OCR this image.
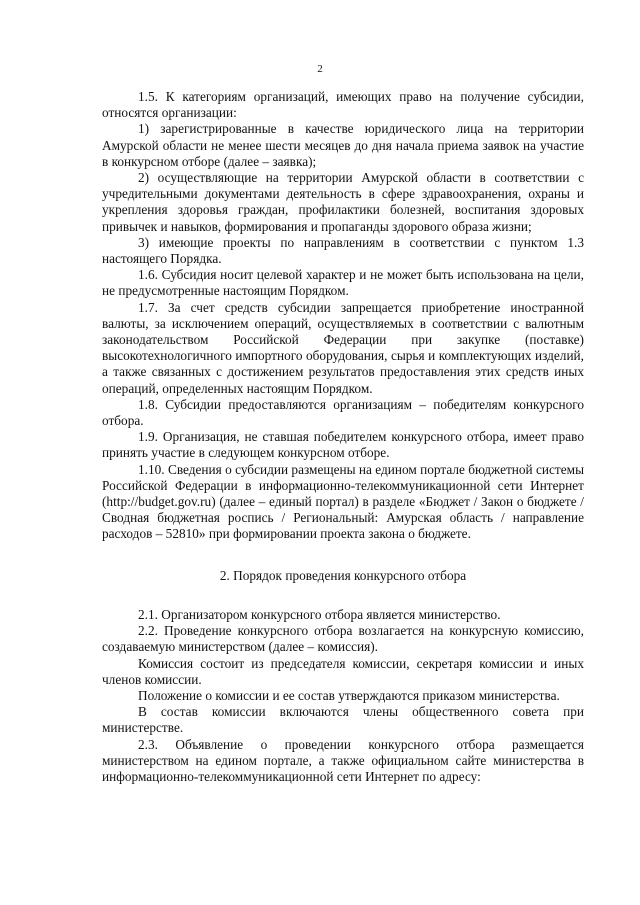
2

1.5. К категориям организаций, имеющих право на получение субсидии, относятся организации:

1) зарегистрированные в качестве юридического лица на территории Амурской области не менее шести месяцев до дня начала приема заявок на участие в конкурсном отборе (далее – заявка);

2) осуществляющие на территории Амурской области в соответствии с учредительными документами деятельность в сфере здравоохранения, охраны и укрепления здоровья граждан, профилактики болезней, воспитания здоровых привычек и навыков, формирования и пропаганды здорового образа жизни;

3) имеющие проекты по направлениям в соответствии с пунктом 1.3 настоящего Порядка.

1.6. Субсидия носит целевой характер и не может быть использована на цели, не предусмотренные настоящим Порядком.

1.7. За счет средств субсидии запрещается приобретение иностранной валюты, за исключением операций, осуществляемых в соответствии с валютным законодательством Российской Федерации при закупке (поставке) высокотехнологичного импортного оборудования, сырья и комплектующих изделий, а также связанных с достижением результатов предоставления этих средств иных операций, определенных настоящим Порядком.

1.8. Субсидии предоставляются организациям – победителям конкурсного отбора.

1.9. Организация, не ставшая победителем конкурсного отбора, имеет право принять участие в следующем конкурсном отборе.

1.10. Сведения о субсидии размещены на едином портале бюджетной системы Российской Федерации в информационно-телекоммуникационной сети Интернет (http://budget.gov.ru) (далее – единый портал) в разделе «Бюджет / Закон о бюджете / Сводная бюджетная роспись / Региональный: Амурская область / направление расходов – 52810» при формировании проекта закона о бюджете.

2. Порядок проведения конкурсного отбора

2.1. Организатором конкурсного отбора является министерство.

2.2. Проведение конкурсного отбора возлагается на конкурсную комиссию, создаваемую министерством (далее – комиссия).

Комиссия состоит из председателя комиссии, секретаря комиссии и иных членов комиссии.

Положение о комиссии и ее состав утверждаются приказом министерства.

В состав комиссии включаются члены общественного совета при министерстве.

2.3. Объявление о проведении конкурсного отбора размещается министерством на едином портале, а также официальном сайте министерства в информационно-телекоммуникационной сети Интернет по адресу:
